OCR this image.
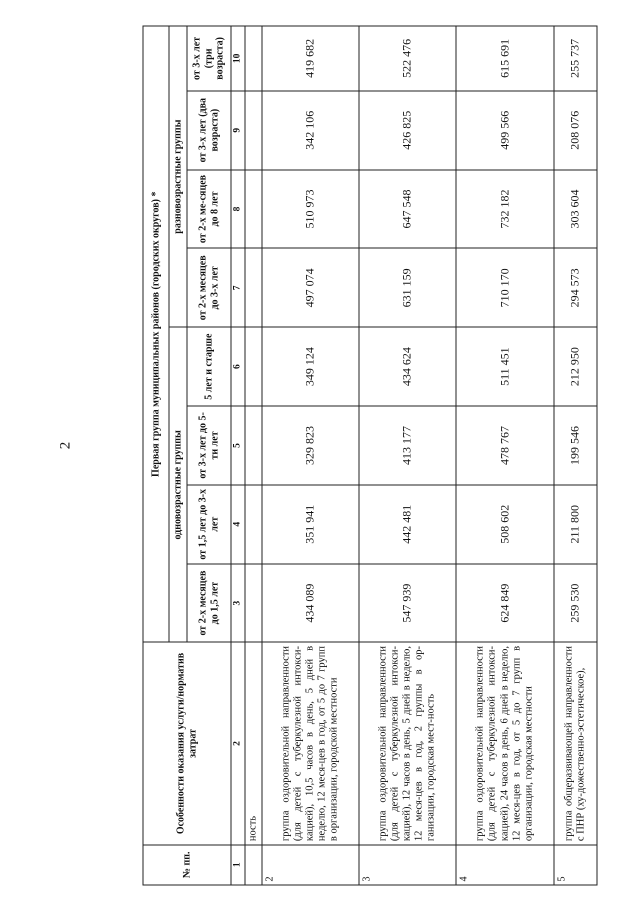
2
№ пп.	Особенности оказания услуги/норматив затрат	Первая группа муниципальных районов (городских округов) *							
		одновозрастные группы				разновозрастные группы			
		от 2-х месяцев до 1,5 лет	от 1,5 лет до 3-х лет	от 3-х лет до 5-ти лет	5 лет и старше	от 2-х месяцев до 3-х лет	от 2-х ме-сяцев до 8 лет	от 3-х лет (два возраста)	от 3-х лет (три возраста)
1	2	3	4	5	6	7	8	9	10
	ность								
2	группа оздоровительной направленности (для детей с туберкулезной интокси-кацией), 10,5 часов в день, 5 дней в неделю, 12 меся-цев в год, от 5 до 7 групп в организации, городской местности	434 089	351 941	329 823	349 124	497 074	510 973	342 106	419 682
3	группа оздоровительной направленности (для детей с туберкулезной интокси-кацией), 12 часов в день, 5 дней в неделю, 12 меся-цев в год, 2 группы в ор-ганизации, городская мест-ность	547 939	442 481	413 177	434 624	631 159	647 548	426 825	522 476
4	группа оздоровительной направленности (для детей с туберкулезной интокси-кацией), 24 часов в день, 6 дней в неделю, 12 меся-цев в год, от 5 до 7 групп в организации, городская местности	624 849	508 602	478 767	511 451	710 170	732 182	499 566	615 691
5	группа общеразвивающей направленности с ПНР (ху-дожественно-эстетическое),	259 530	211 800	199 546	212 950	294 573	303 604	208 076	255 737
